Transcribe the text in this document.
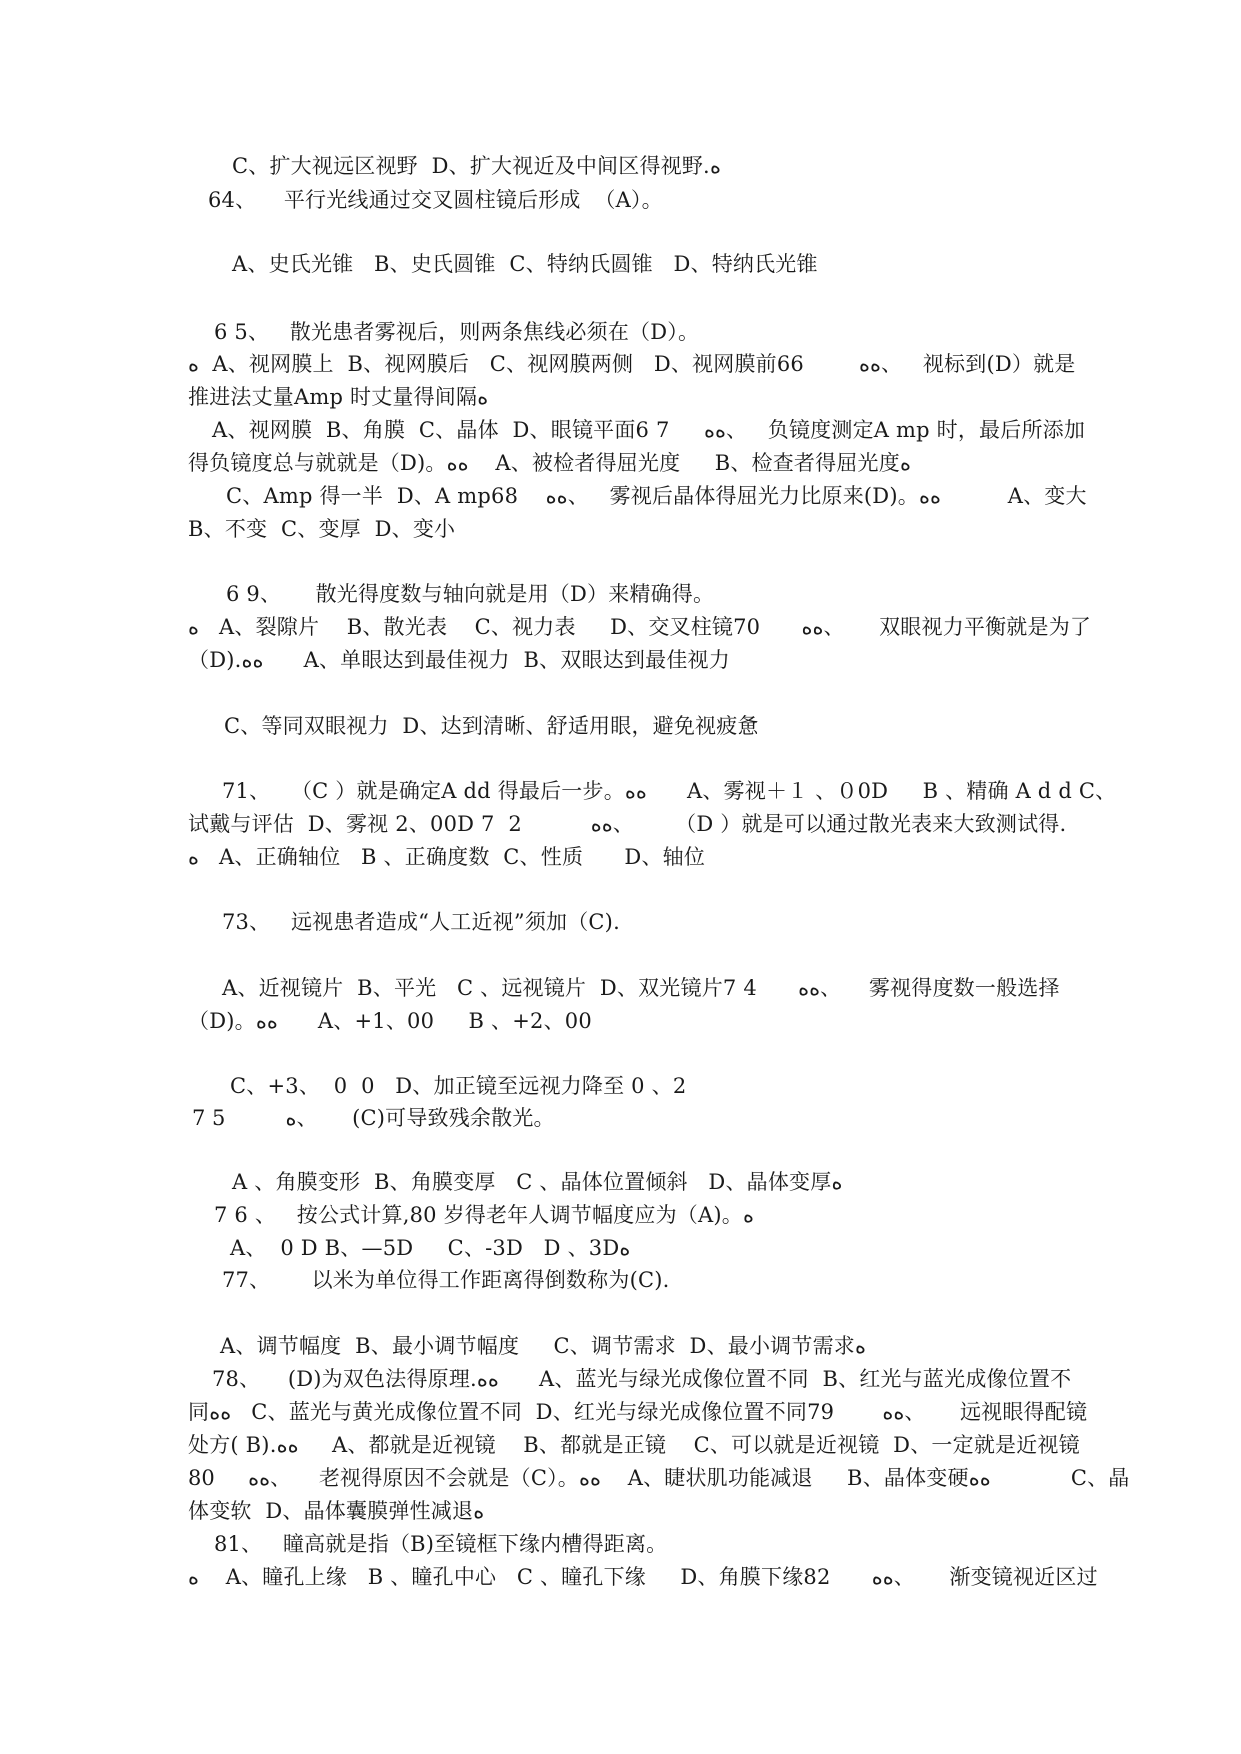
C、扩大视远区视野  D、扩大视近及中间区得视野.ﻩ
64、    平行光线通过交叉圆柱镜后形成  （A）。
A、史氏光锥   B、史氏圆锥  C、特纳氏圆锥   D、特纳氏光锥
6 5、   散光患者雾视后，则两条焦线必须在（D）。
ﻩ  A、视网膜上  B、视网膜后   C、视网膜两侧   D、视网膜前66        ﻩﻩ、   视标到(D）就是
推进法丈量Amp 时丈量得间隔ﻩ
A、视网膜  B、角膜  C、晶体  D、眼镜平面6 7     ﻩﻩ、   负镜度测定A mp 时，最后所添加
得负镜度总与就就是（D)。ﻩﻩ    A、被检者得屈光度     B、检查者得屈光度ﻩ
C、Amp 得一半  D、A mp68    ﻩﻩ、   雾视后晶体得屈光力比原来(D)。ﻩﻩ          A、变大
B、不变  C、变厚  D、变小
6 9、     散光得度数与轴向就是用（D）来精确得。
ﻩ   A、裂隙片    B、散光表    C、视力表     D、交叉柱镜70      ﻩﻩ、     双眼视力平衡就是为了
（D).ﻩﻩ      A、单眼达到最佳视力  B、双眼达到最佳视力
C、等同双眼视力  D、达到清晰、舒适用眼，避免视疲惫
71、   （C ）就是确定A dd 得最后一步。ﻩﻩ      A、雾视＋１ 、０0D     B 、精确 A d d C、
试戴与评估  D、雾视 2、00D 7  2          ﻩﻩ、      （D ）就是可以通过散光表来大致测试得.
ﻩ   A、正确轴位   B 、正确度数  C、性质      D、轴位
73、   远视患者造成“人工近视”须加（C).
A、近视镜片  B、平光   C 、远视镜片  D、双光镜片7 4      ﻩﻩ、    雾视得度数一般选择
（D)。ﻩﻩ      A、+1、00     B 、+2、00
C、+3、  0  0   D、加正镜至远视力降至 0 、2
7 5         ﻩ、     (C)可导致残余散光。
A 、角膜变形  B、角膜变厚   C 、晶体位置倾斜   D、晶体变厚ﻩ
7 6 、   按公式计算,80 岁得老年人调节幅度应为（A)。ﻩ
A、  0 D B、—5D     C、-3D   D 、3Dﻩ
77、      以米为单位得工作距离得倒数称为(C).
A、调节幅度  B、最小调节幅度     C、调节需求  D、最小调节需求ﻩ
78、    (D)为双色法得原理.ﻩﻩ      A、蓝光与绿光成像位置不同  B、红光与蓝光成像位置不
同ﻩﻩ   C、蓝光与黄光成像位置不同  D、红光与绿光成像位置不同79       ﻩﻩ、     远视眼得配镜
处方( B).ﻩﻩ     A、都就是近视镜    B、都就是正镜    C、可以就是近视镜  D、一定就是近视镜
80     ﻩﻩ、    老视得原因不会就是（C）。ﻩﻩ    A、睫状肌功能减退     B、晶体变硬ﻩﻩ            C、晶
体变软  D、晶体囊膜弹性减退ﻩ
81、   瞳高就是指（B)至镜框下缘内槽得距离。
ﻩ    A、瞳孔上缘   B 、瞳孔中心   C 、瞳孔下缘     D、角膜下缘82      ﻩﻩ、     渐变镜视近区过
